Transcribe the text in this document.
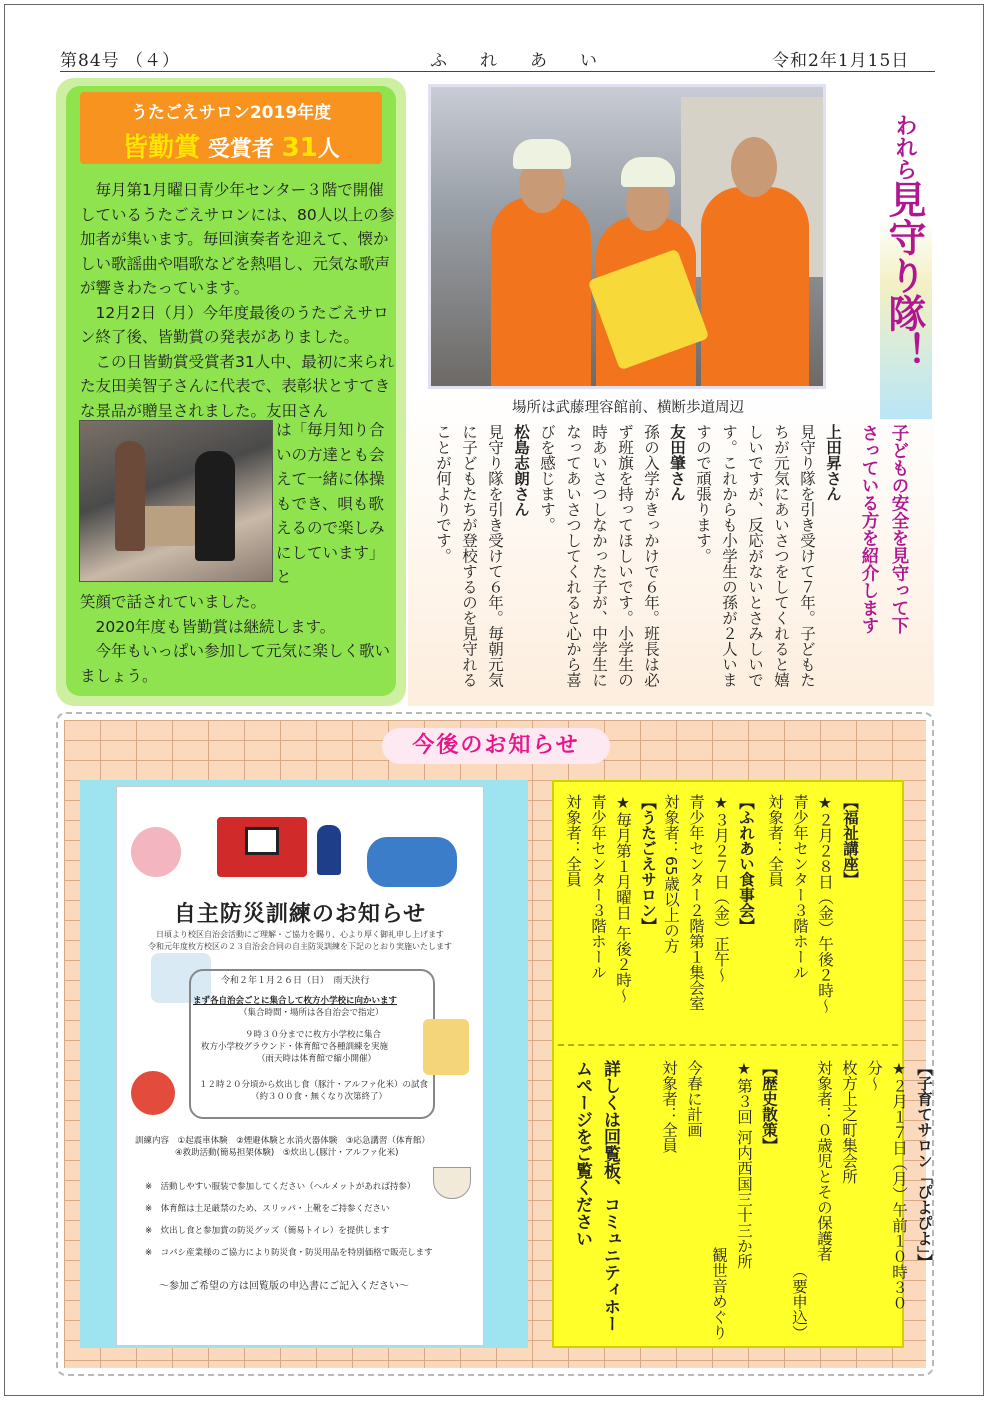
第84号 （４）	ふ　れ　あ　い	令和2年1月15日
うたごえサロン2019年度
皆勤賞 受賞者 31人
毎月第1月曜日青少年センター３階で開催しているうたごえサロンには、80人以上の参加者が集います。毎回演奏者を迎えて、懐かしい歌謡曲や唱歌などを熱唱し、元気な歌声が響きわたっています。
12月2日（月）今年度最後のうたごえサロン終了後、皆勤賞の発表がありました。
この日皆勤賞受賞者31人中、最初に来られた友田美智子さんに代表で、表彰状とすてきな景品が贈呈されました。友田さん
は「毎月知り合いの方達とも会えて一緒に体操もでき、唄も歌えるので楽しみにしています」と
笑顔で話されていました。
2020年度も皆勤賞は継続します。
今年もいっぱい参加して元気に楽しく歌いましょう。
場所は武藤理容館前、横断歩道周辺
われら見守り隊！
子どもの安全を見守って下
さっている方を紹介します
上田昇さん
見守り隊を引き受けて７年。子どもたちが元気にあいさつをしてくれると嬉しいですが、反応がないとさみしいです。これからも小学生の孫が２人いますので頑張ります。
友田肇さん
孫の入学がきっかけで６年。班長は必ず班旗を持ってほしいです。小学生の時あいさつしなかった子が、中学生になってあいさつしてくれると心から喜びを感じます。
松島志朗さん
見守り隊を引き受けて６年。毎朝元気に子どもたちが登校するのを見守れることが何よりです。
今後のお知らせ
自主防災訓練のお知らせ
日頃より校区自治会活動にご理解・ご協力を賜り、心より厚く御礼申し上げます
令和元年度枚方校区の２３自治会合同の自主防災訓練を下記のとおり実施いたします
令和２年１月２６日（日）　雨天決行
まず各自治会ごとに集合して枚方小学校に向かいます
（集合時間・場所は各自治会で指定）
９時３０分までに枚方小学校に集合
枚方小学校グラウンド・体育館で各種訓練を実施
（雨天時は体育館で縮小開催）
１２時２０分頃から炊出し食（豚汁・アルファ化米）の試食
（約３００食・無くなり次第終了）
訓練内容　①起震車体験　②煙避体験と水消火器体験　③応急講習（体育館）
④救助活動(簡易担架体験)　⑤炊出し(豚汁・アルファ化米)
※　活動しやすい服装で参加してください（ヘルメットがあれば持参）
※　体育館は土足厳禁のため、スリッパ・上靴をご持参ください
※　炊出し食と参加賞の防災グッズ（簡易トイレ）を提供します
※　コパシ産業様のご協力により防災食・防災用品を特別価格で販売します
〜参加ご希望の方は回覧版の申込書にご記入ください〜
【福祉講座】
★２月２８日（金）午後２時〜
青少年センター３階ホール
対象者：全員
【ふれあい食事会】
★３月２７日（金）正午〜
青少年センター２階第１集会室
対象者：65歳以上の方
【うたごえサロン】
★毎月第１月曜日 午後２時〜
青少年センター３階ホール
対象者：全員
【子育てサロン「ぴよぴよ」】
★２月１７日（月）午前１０時３０分〜
枚方上之町集会所
対象者：０歳児とその保護者
（要申込）
【歴史散策】
★第３回 河内西国三十三か所
観世音めぐり
今春に計画
対象者：全員
詳しくは回覧板、コミュニティホームページをご覧ください
